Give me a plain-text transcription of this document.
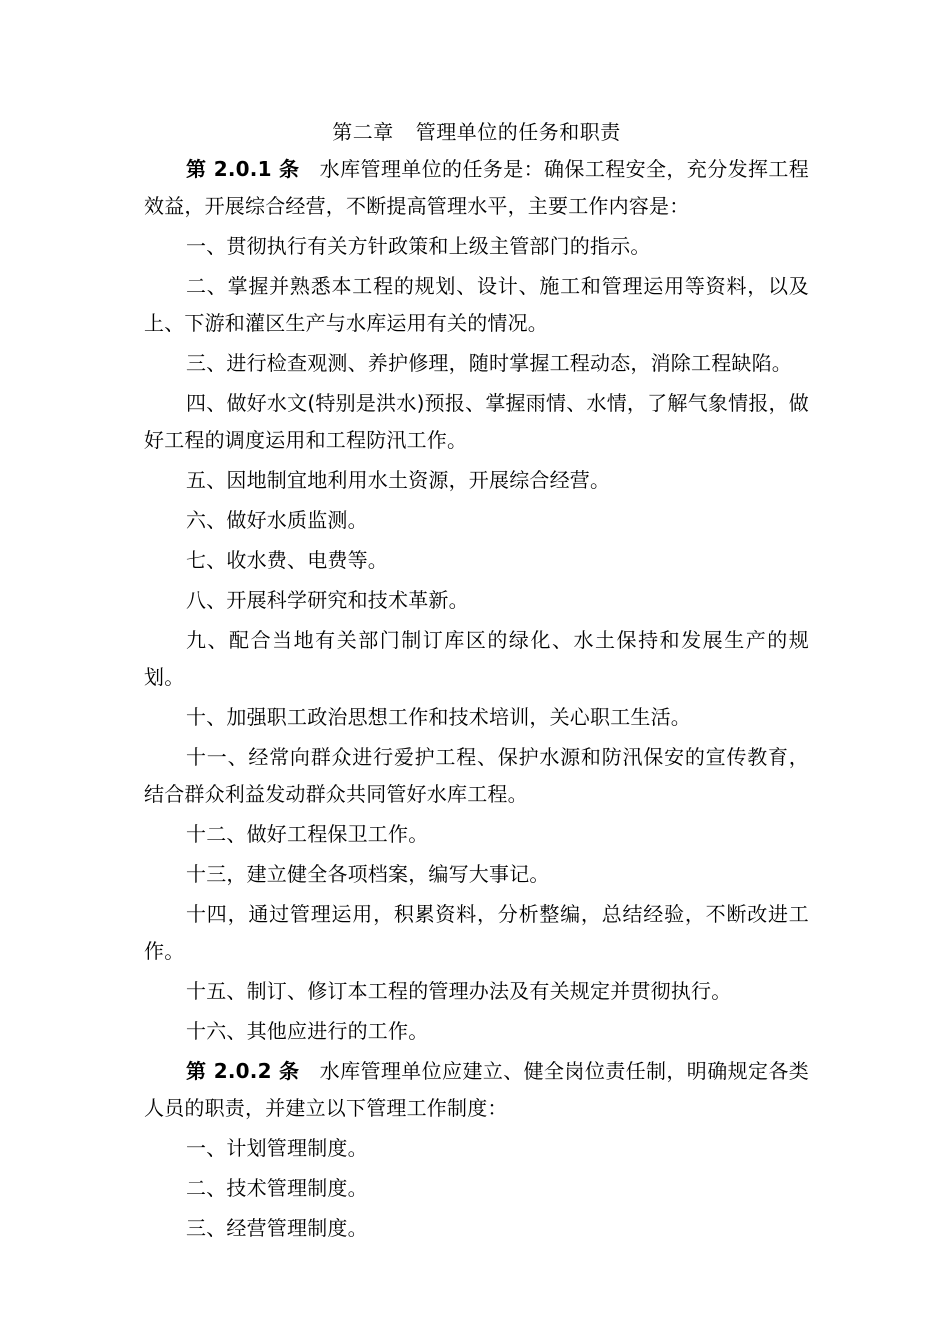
第二章 管理单位的任务和职责

第 2.0.1 条 水库管理单位的任务是：确保工程安全，充分发挥工程效益，开展综合经营，不断提高管理水平，主要工作内容是：

一、贯彻执行有关方针政策和上级主管部门的指示。

二、掌握并熟悉本工程的规划、设计、施工和管理运用等资料，以及上、下游和灌区生产与水库运用有关的情况。

三、进行检查观测、养护修理，随时掌握工程动态，消除工程缺陷。

四、做好水文(特别是洪水)预报、掌握雨情、水情，了解气象情报，做好工程的调度运用和工程防汛工作。

五、因地制宜地利用水土资源，开展综合经营。

六、做好水质监测。

七、收水费、电费等。

八、开展科学研究和技术革新。

九、配合当地有关部门制订库区的绿化、水土保持和发展生产的规划。

十、加强职工政治思想工作和技术培训，关心职工生活。

十一、经常向群众进行爱护工程、保护水源和防汛保安的宣传教育，结合群众利益发动群众共同管好水库工程。

十二、做好工程保卫工作。

十三，建立健全各项档案，编写大事记。

十四，通过管理运用，积累资料，分析整编，总结经验，不断改进工作。

十五、制订、修订本工程的管理办法及有关规定并贯彻执行。

十六、其他应进行的工作。

第 2.0.2 条 水库管理单位应建立、健全岗位责任制，明确规定各类人员的职责，并建立以下管理工作制度：

一、计划管理制度。

二、技术管理制度。

三、经营管理制度。
